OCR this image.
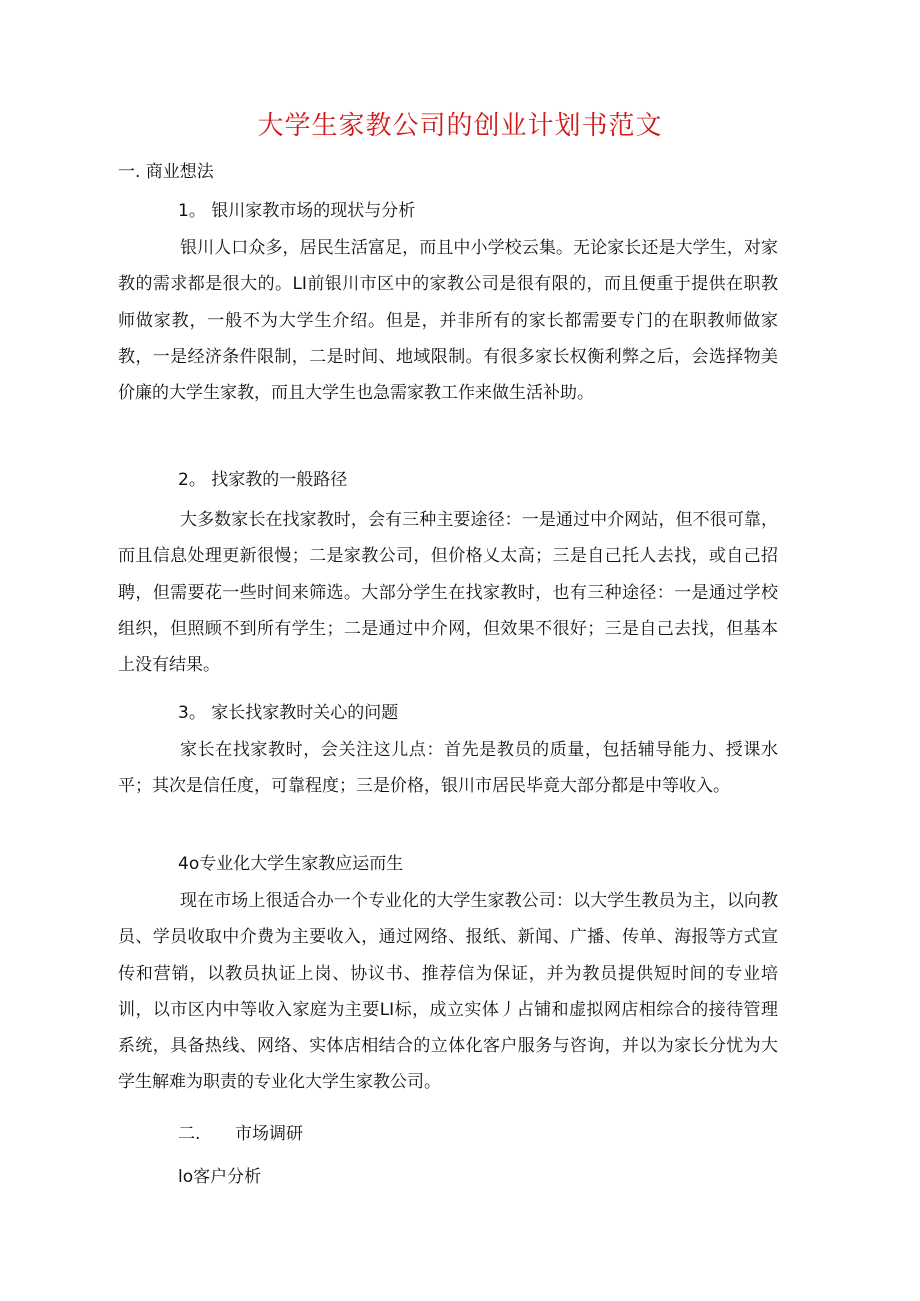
大学生家教公司的创业计划书范文
一. 商业想法
1。 银川家教市场的现状与分析

银川人口众多，居民生活富足，而且中小学校云集。无论家长还是大学生，对家教的需求都是很大的。LI前银川市区中的家教公司是很有限的，而且便重于提供在职教师做家教，一般不为大学生介绍。但是，并非所有的家长都需要专门的在职教师做家教，一是经济条件限制，二是时间、地域限制。有很多家长权衡利弊之后，会选择物美价廉的大学生家教，而且大学生也急需家教工作来做生活补助。

2。 找家教的一般路径

大多数家长在找家教时，会有三种主要途径：一是通过中介网站，但不很可靠，而且信息处理更新很慢；二是家教公司，但价格乂太高；三是自己托人去找，或自己招聘，但需要花一些时间来筛选。大部分学生在找家教时，也有三种途径：一是通过学校组织，但照顾不到所有学生；二是通过中介网，但效果不很好；三是自己去找，但基本上没有结果。

3。 家长找家教时关心的问题

家长在找家教时，会关注这儿点：首先是教员的质量，包括辅导能力、授课水平；其次是信任度，可靠程度；三是价格，银川市居民毕竟大部分都是中等收入。

4o专业化大学生家教应运而生

现在市场上很适合办一个专业化的大学生家教公司：以大学生教员为主，以向教员、学员收取中介费为主要收入，通过网络、报纸、新闻、广播、传单、海报等方式宣传和营销，以教员执证上岗、协议书、推荐信为保证，并为教员提供短时间的专业培训，以市区内中等收入家庭为主要LI标，成立实体丿占铺和虚拟网店相综合的接待管理系统，具备热线、网络、实体店相结合的立体化客户服务与咨询，并以为家长分忧为大学生解难为职责的专业化大学生家教公司。

二. 市场调研
lo客户分析
